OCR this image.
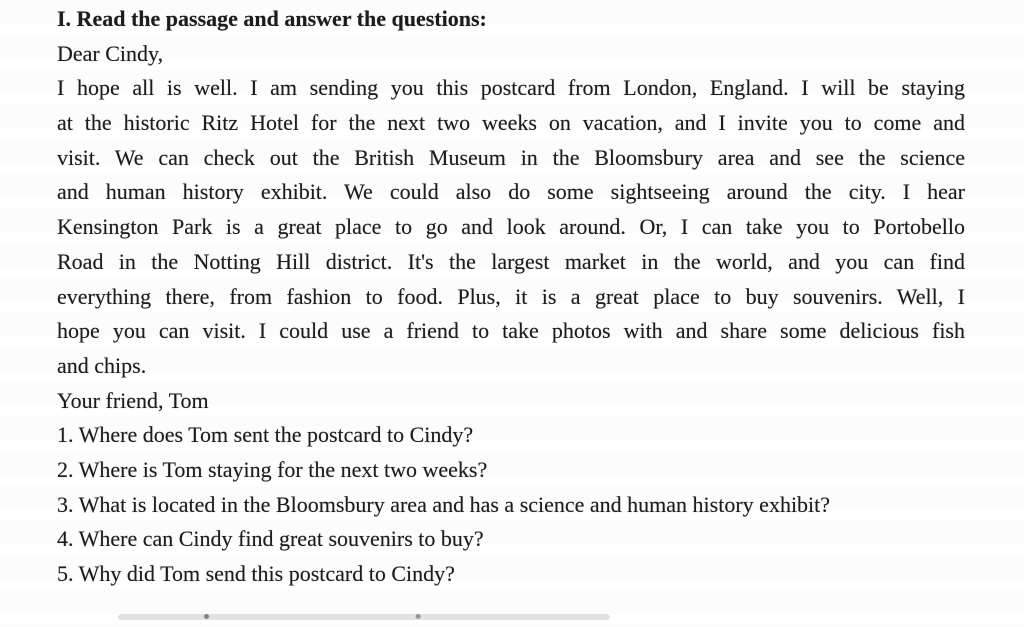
I. Read the passage and answer the questions:
Dear Cindy,
I hope all is well. I am sending you this postcard from London, England. I will be staying
at the historic Ritz Hotel for the next two weeks on vacation, and I invite you to come and
visit. We can check out the British Museum in the Bloomsbury area and see the science
and human history exhibit. We could also do some sightseeing around the city. I hear
Kensington Park is a great place to go and look around. Or, I can take you to Portobello
Road in the Notting Hill district. It's the largest market in the world, and you can find
everything there, from fashion to food. Plus, it is a great place to buy souvenirs. Well, I
hope you can visit. I could use a friend to take photos with and share some delicious fish
and chips.
Your friend, Tom
1. Where does Tom sent the postcard to Cindy?
2. Where is Tom staying for the next two weeks?
3. What is located in the Bloomsbury area and has a science and human history exhibit?
4. Where can Cindy find great souvenirs to buy?
5. Why did Tom send this postcard to Cindy?
